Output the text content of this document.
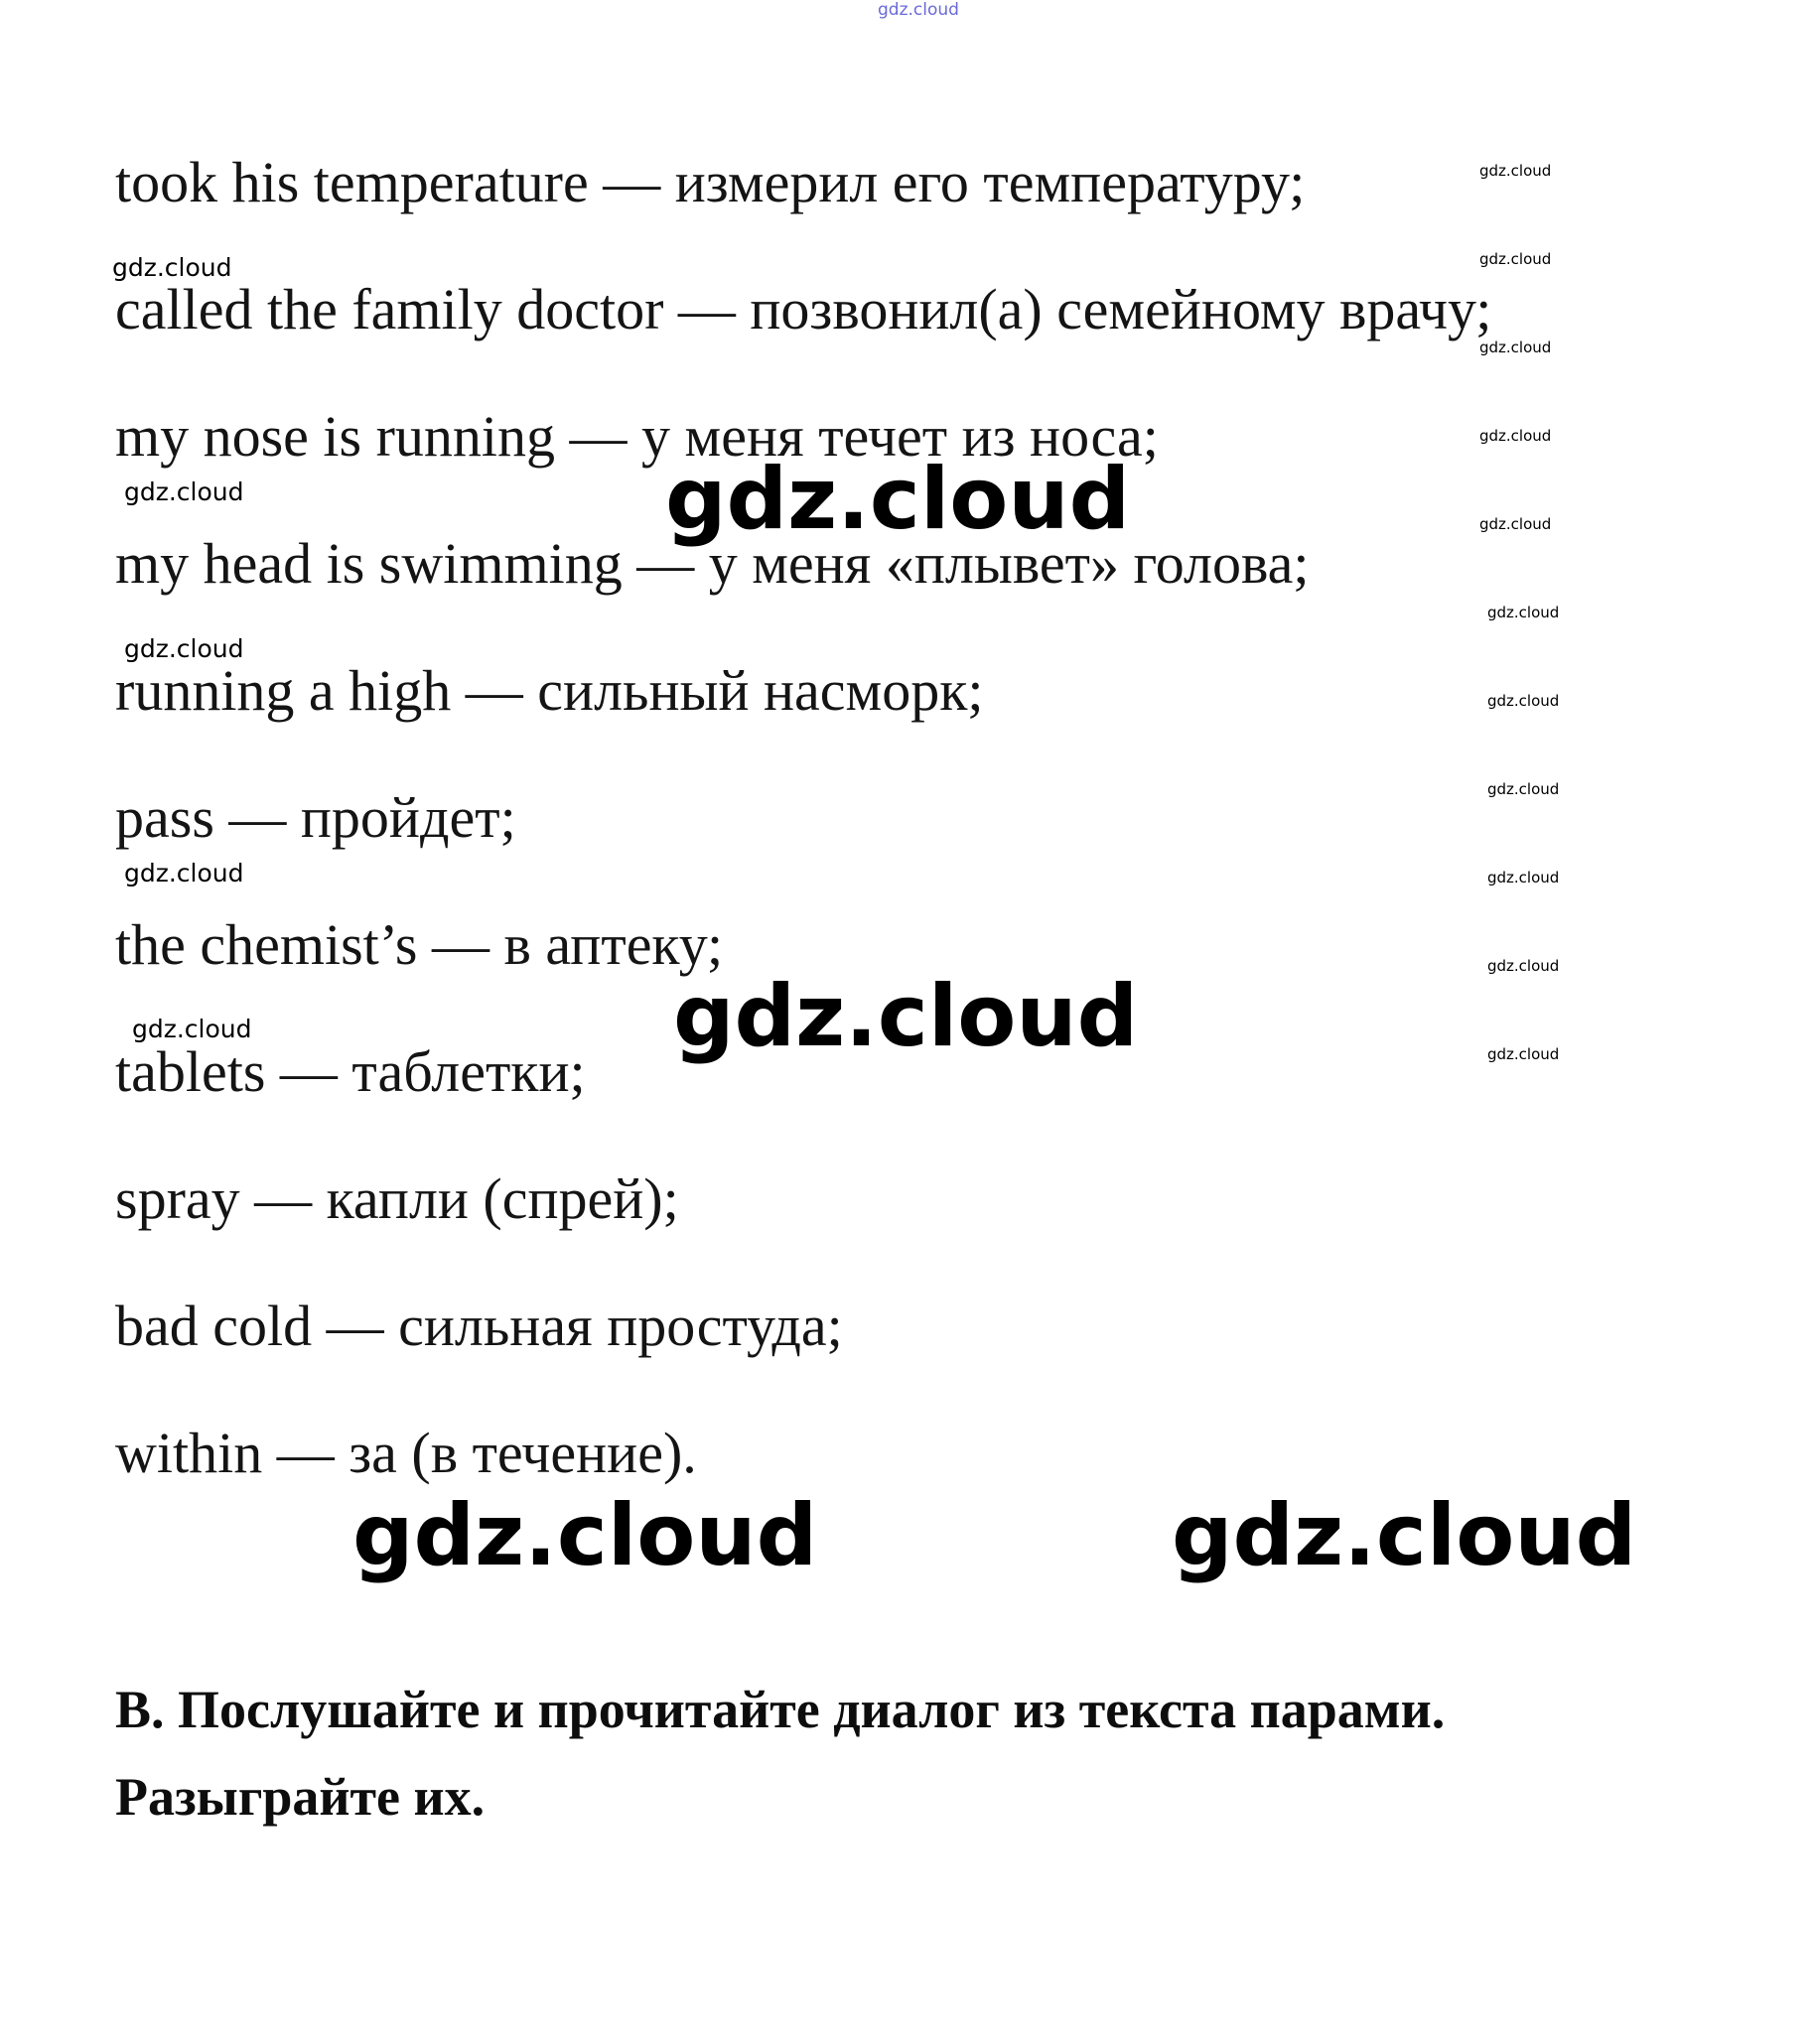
gdz.cloud
took his temperature — измерил его температуру;
called the family doctor — позвонил(а) семейному врачу;
my nose is running — у меня течет из носа;
my head is swimming — у меня «плывет» голова;
running a high — сильный насморк;
pass — пройдет;
the chemist’s — в аптеку;
tablets — таблетки;
spray — капли (спрей);
bad cold — сильная простуда;
within — за (в течение).
B. Послушайте и прочитайте диалог из текста парами.
Разыграйте их.
gdz.cloud
gdz.cloud
gdz.cloud
gdz.cloud
gdz.cloud
gdz.cloud
gdz.cloud
gdz.cloud
gdz.cloud
gdz.cloud
gdz.cloud
gdz.cloud
gdz.cloud
gdz.cloud
gdz.cloud
gdz.cloud
gdz.cloud
gdz.cloud
gdz.cloud	gdz.cloud
